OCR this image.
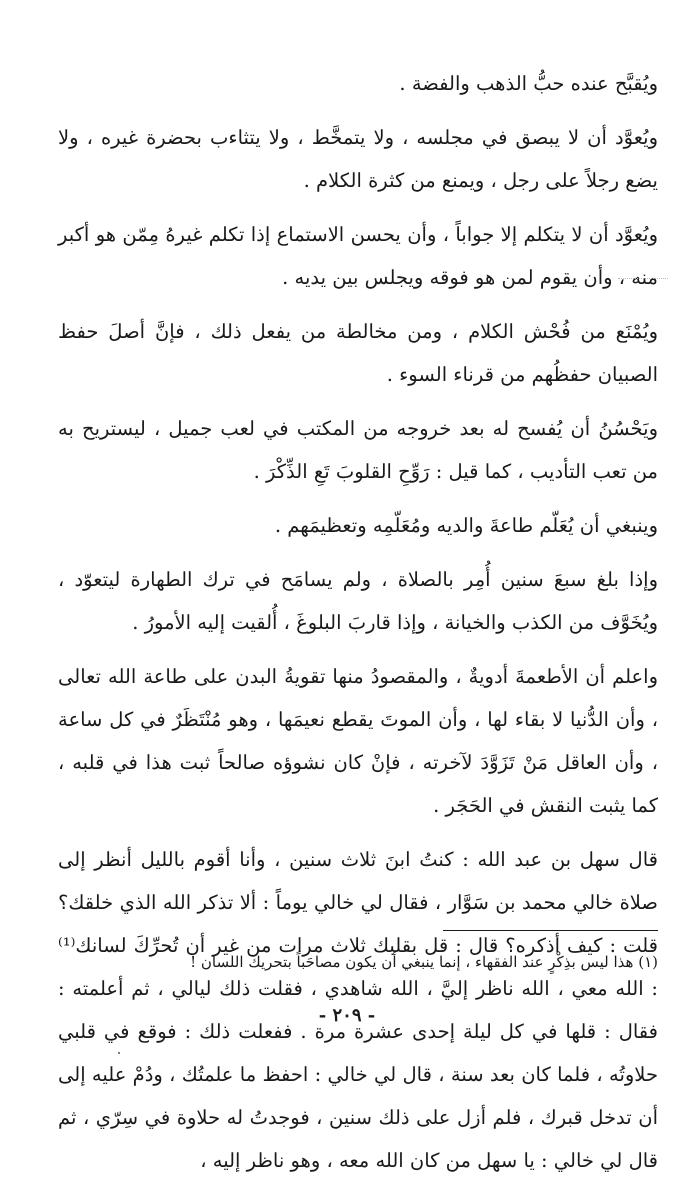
ويُقبَّح عنده حبُّ الذهب والفضة .

ويُعوَّد أن لا يبصق في مجلسه ، ولا يتمخَّط ، ولا يتثاءب بحضرة غيره ، ولا يضع رجلاً على رجل ، ويمنع من كثرة الكلام .

ويُعوَّد أن لا يتكلم إلا جواباً ، وأن يحسن الاستماع إذا تكلم غيرهُ مِمّن هو أكبر منه ، وأن يقوم لمن هو فوقه ويجلس بين يديه .

ويُمْنَع من فُحْش الكلام ، ومن مخالطة من يفعل ذلك ، فإنَّ أصلَ حفظ الصبيان حفظُهم من قرناء السوء .

ويَحْسُنُ أن يُفسح له بعد خروجه من المكتب في لعب جميل ، ليستريح به من تعب التأديب ، كما قيل : رَوِّحِ القلوبَ تَعِ الذِّكْرَ .

وينبغي أن يُعَلّم طاعةَ والديه ومُعَلّمِه وتعظيمَهم .

وإذا بلغ سبعَ سنين أُمِر بالصلاة ، ولم يسامَح في ترك الطهارة ليتعوّد ، ويُخَوَّف من الكذب والخيانة ، وإذا قاربَ البلوغَ ، أُلقيت إليه الأمورُ .

واعلم أن الأطعمةَ أدويةٌ ، والمقصودُ منها تقويةُ البدن على طاعة الله تعالى ، وأن الدُّنيا لا بقاء لها ، وأن الموتَ يقطع نعيمَها ، وهو مُنْتَظَرٌ في كل ساعة ، وأن العاقل مَنْ تَزَوَّدَ لآخرته ، فإنْ كان نشوؤه صالحاً ثبت هذا في قلبه ، كما يثبت النقش في الحَجَر .

قال سهل بن عبد الله : كنتُ ابنَ ثلاث سنين ، وأنا أقوم بالليل أنظر إلى صلاة خالي محمد بن سَوَّار ، فقال لي خالي يوماً : ألا تذكر الله الذي خلقك؟ قلت : كيف أذكره؟ قال : قل بقلبك ثلاث مرات من غير أن تُحرِّكَ لسانك⁽¹⁾ : الله معي ، الله ناظر إليَّ ، الله شاهدي ، فقلت ذلك ليالي ، ثم أعلمته : فقال : قلها في كل ليلة إحدى عشرة مرة . ففعلت ذلك : فوقع في قلبي حلاوتُه ، فلما كان بعد سنة ، قال لي خالي : احفظ ما علمتُك ، ودُمْ عليه إلى أن تدخل قبرك ، فلم أزل على ذلك سنين ، فوجدتُ له حلاوة في سِرّي ، ثم قال لي خالي : يا سهل من كان الله معه ، وهو ناظر إليه ،

(١) هذا ليس بذِكْرٍ عند الفقهاء ، إنما ينبغي أن يكون مصاحَباً بتحريك اللسان !
- ٢٠٩ -
